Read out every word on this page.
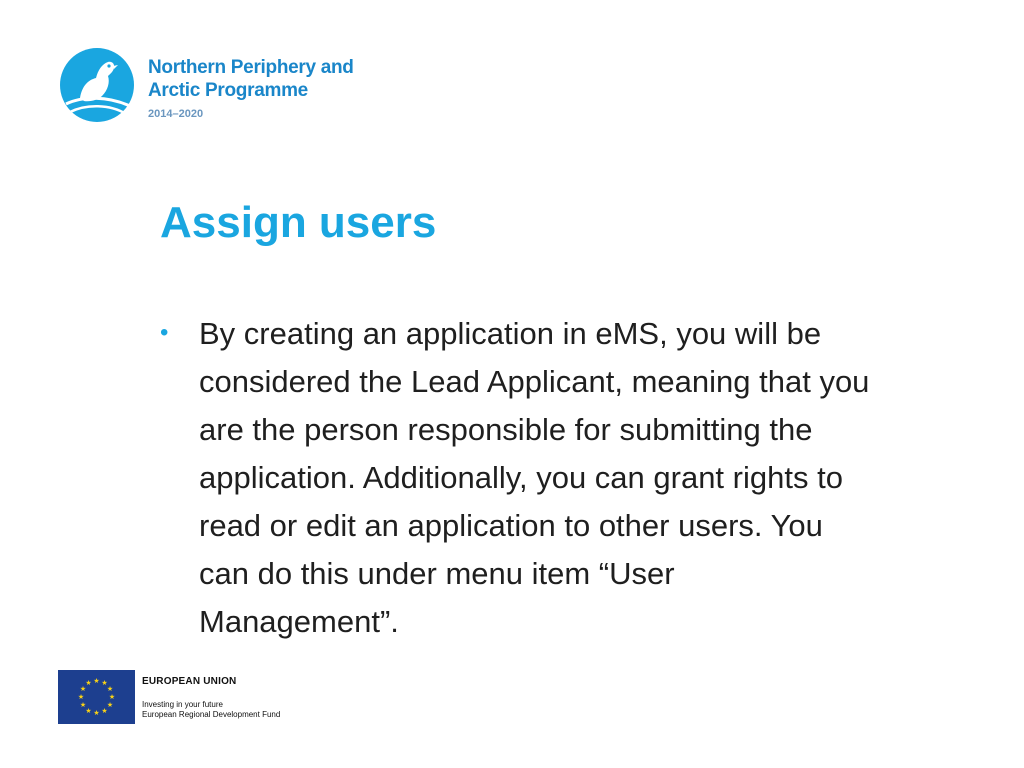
Northern Periphery and
Arctic Programme
2014–2020
Assign users
• By creating an application in eMS, you will be considered the Lead Applicant, meaning that you are the person responsible for submitting the application. Additionally, you can grant rights to read or edit an application to other users. You can do this under menu item “User Management”.

★ ★
★
★
★
★
★
★
★
★
★
★	EUROPEAN UNION
Investing in your future
European Regional Development Fund
